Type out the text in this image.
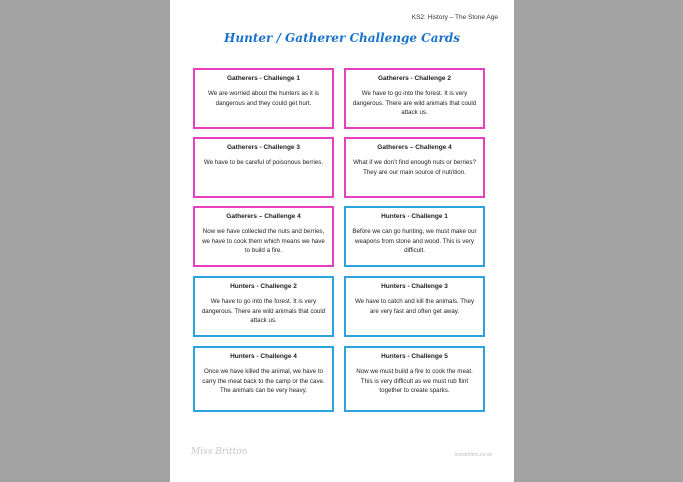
KS2: History – The Stone Age
Hunter / Gatherer Challenge Cards
Gatherers - Challenge 1
We are worried about the hunters as it is dangerous and they could get hurt.
Gatherers - Challenge 2
We have to go into the forest. It is very dangerous. There are wild animals that could attack us.
Gatherers - Challenge 3
We have to be careful of poisonous berries.
Gatherers – Challenge 4
What if we don’t find enough nuts or berries? They are our main source of nutrition.
Gatherers – Challenge 4
Now we have collected the nuts and berries, we have to cook them which means we have to build a fire.
Hunters - Challenge 1
Before we can go hunting, we must make our weapons from stone and wood. This is very difficult.
Hunters - Challenge 2
We have to go into the forest. It is very dangerous. There are wild animals that could attack us.
Hunters - Challenge 3
We have to catch and kill the animals. They are very fast and often get away.
Hunters - Challenge 4
Once we have killed the animal, we have to carry the meat back to the camp or the cave. The animals can be very heavy.
Hunters - Challenge 5
Now we must build a fire to cook the meat. This is very difficult as we must rub flint together to create sparks.
Miss Britton	missbritton.co.uk
